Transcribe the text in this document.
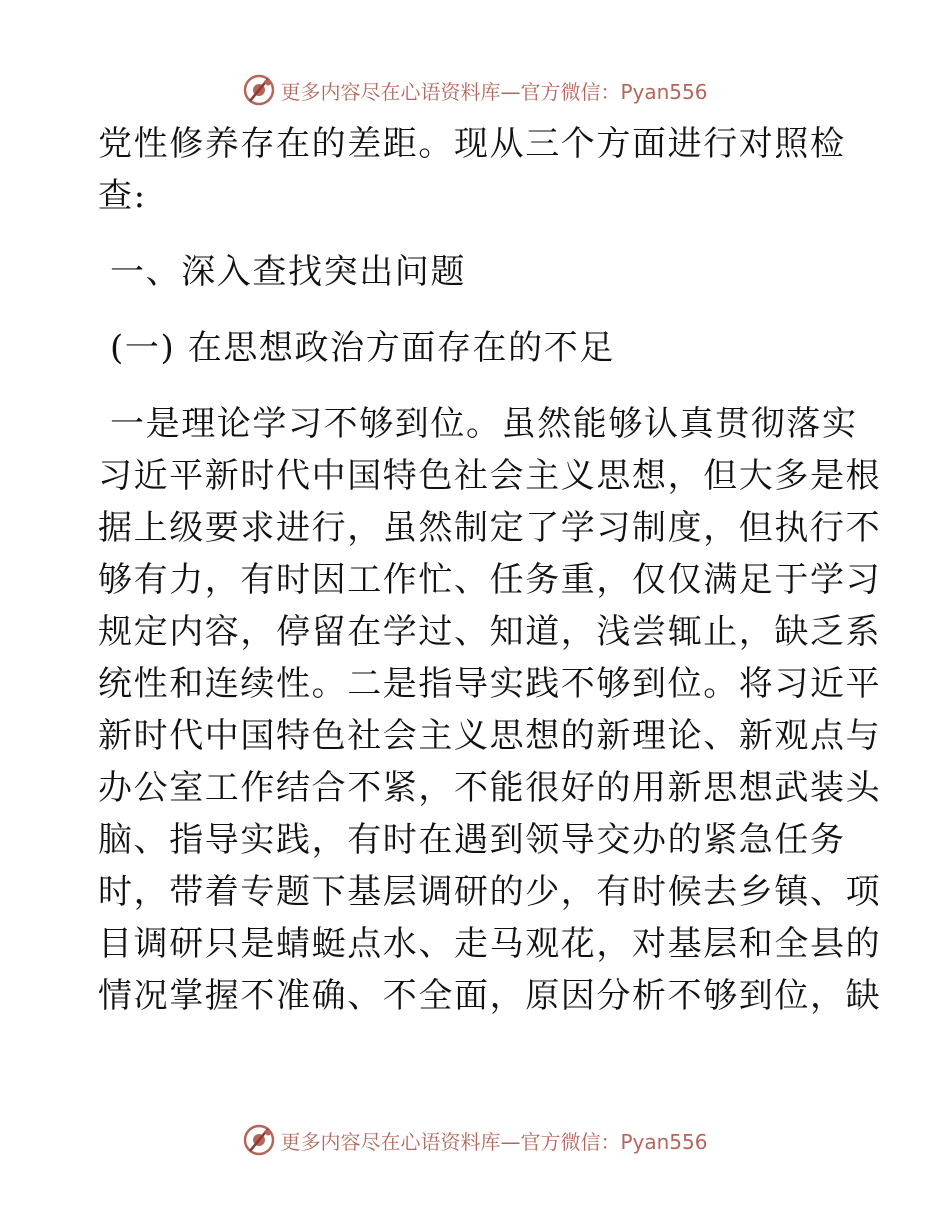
更多内容尽在心语资料库—官方微信：Pyan556
党性修养存在的差距。现从三个方面进行对照检
查:
一、深入查找突出问题
(一) 在思想政治方面存在的不足
一是理论学习不够到位。虽然能够认真贯彻落实
习近平新时代中国特色社会主义思想，但大多是根
据上级要求进行，虽然制定了学习制度，但执行不
够有力，有时因工作忙、任务重，仅仅满足于学习
规定内容，停留在学过、知道，浅尝辄止，缺乏系
统性和连续性。二是指导实践不够到位。将习近平
新时代中国特色社会主义思想的新理论、新观点与
办公室工作结合不紧，不能很好的用新思想武装头
脑、指导实践，有时在遇到领导交办的紧急任务
时，带着专题下基层调研的少，有时候去乡镇、项
目调研只是蜻蜓点水、走马观花，对基层和全县的
情况掌握不准确、不全面，原因分析不够到位，缺
更多内容尽在心语资料库—官方微信：Pyan556
